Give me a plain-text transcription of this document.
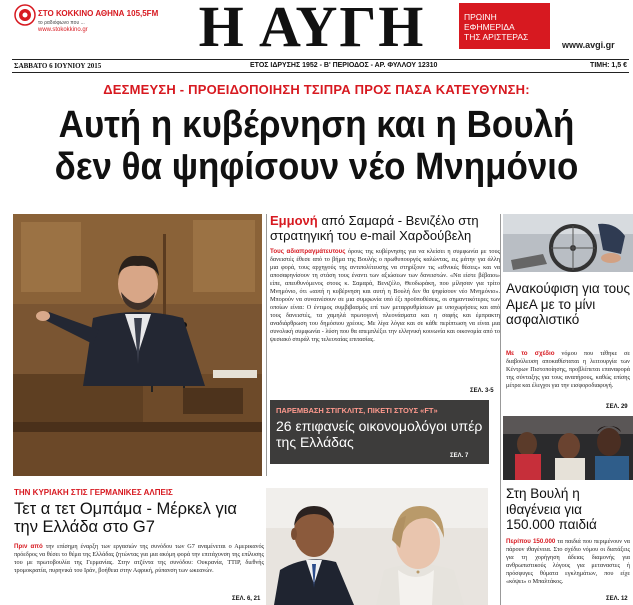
ΣΤΟ ΚΟΚΚΙΝΟ ΑΘΗΝΑ 105,5FM
το ραδιόφωνο που ...
www.stokokkino.gr	Η ΑΥΓΗ	ΠΡΩΙΝΗ
ΕΦΗΜΕΡΙΔΑ
ΤΗΣ ΑΡΙΣΤΕΡΑΣ
www.avgi.gr
ΣΑΒΒΑΤΟ 6 ΙΟΥΝΙΟΥ 2015	ΕΤΟΣ ΙΔΡΥΣΗΣ 1952 - Β' ΠΕΡΙΟΔΟΣ - ΑΡ. ΦΥΛΛΟΥ 12310	ΤΙΜΗ: 1,5 €
ΔΕΣΜΕΥΣΗ - ΠΡΟΕΙΔΟΠΟΙΗΣΗ ΤΣΙΠΡΑ ΠΡΟΣ ΠΑΣΑ ΚΑΤΕΥΘΥΝΣΗ:
Αυτή η κυβέρνηση και η Βουλή
δεν θα ψηφίσουν νέο Μνημόνιο
Εμμονή από Σαμαρά - Βενιζέλο στη στρατηγική του e-mail Χαρδούβελη
Τους αδιαπραγμάτευτους όρους της κυβέρνησης για να κλείσει η συμφωνία με τους δανειστές έθεσε από το βήμα της Βουλής ο πρωθυπουργός καλώντας, εις μάτην για άλλη μια φορά, τους αρχηγούς της αντιπολίτευσης να στηρίξουν τις «εθνικές θέσεις» και να αποσαφηνίσουν τη στάση τους έναντι των αξιώσεων των δανειστών. «Να είστε βέβαιοι» είπε, απευθυνόμενος στους κ. Σαμαρά, Βενιζέλο, Θεοδωράκη, που μίλησαν για τρίτο Μνημόνιο, ότι «αυτή η κυβέρνηση και αυτή η Βουλή δεν θα ψηφίσουν νέο Μνημόνιο». Μπορούν να συναινέσουν σε μια συμφωνία υπό έξι προϋποθέσεις, οι σημαντικότερες των οποίων είναι: Ο έντιμος συμβιβασμός επί των μεταρρυθμίσεων με υποχωρήσεις και από τους δανειστές, τα χαμηλά πρωτογενή πλεονάσματα και η σαφής και έμπρακτη αναδιάρθρωση του δημόσιου χρέους. Με λίγα λόγια και σε κάθε περίπτωση να είναι μια συνολική συμφωνία - λύση που θα απεμπλέξει την ελληνική κοινωνία και οικονομία από το ψεσιακό σπιράλ της τελευταίας επιτασίας.
ΣΕΛ. 3-5
ΠΑΡΕΜΒΑΣΗ ΣΤΙΓΚΛΙΤΣ, ΠΙΚΕΤΙ ΣΤΟΥΣ «FT»
26 επιφανείς οικονομολόγοι υπέρ της Ελλάδας
ΣΕΛ. 7
Ανακούφιση για τους ΑμεΑ με το μίνι ασφαλιστικό
Με το σχέδιο νόμου που τέθηκε σε διαβούλευση αποκαθίσταται η λειτουργία των Κέντρων Πιστοποίησης, προβλέπεται επαναφορά της σύνταξης για τους αναπήρους, καθώς επίσης μέτρα και έλεγχοι για την εισφοροδιαφυγή.
ΣΕΛ. 29
Στη Βουλή η ιθαγένεια για 150.000 παιδιά
Περίπου 150.000 τα παιδιά που περιμένουν να πάρουν ιθαγένεια. Στο σχέδιο νόμου οι διατάξεις για τη χορήγηση άδειας διαμονής για ανθρωπιστικούς λόγους για μεταναστες ή πρόσφυγες θύματα εγκλημάτων, που είχε «κόψει» ο Μπαλτάκος.
ΣΕΛ. 12
ΤΗΝ ΚΥΡΙΑΚΗ ΣΤΙΣ ΓΕΡΜΑΝΙΚΕΣ ΑΛΠΕΙΣ
Τετ α τετ Ομπάμα - Μέρκελ για την Ελλάδα στο G7
Πριν από την επίσημη έναρξη των εργασιών της συνόδου των G7 αναμένεται ο Αμερικανός πρόεδρος να θέσει το θέμα της Ελλάδας ζητώντας για μια ακόμη φορά την επιτάχυνση της επίλυσης του με πρωτοβουλία της Γερμανίας. Στην ατζέντα της συνόδου: Ουκρανία, ΤΤΙΡ, διεθνής τρομοκρατία, πυρηνικά του Ιράν, βοήθεια στην Αφρική, ρύπανση των ωκεανών.
ΣΕΛ. 6, 21
